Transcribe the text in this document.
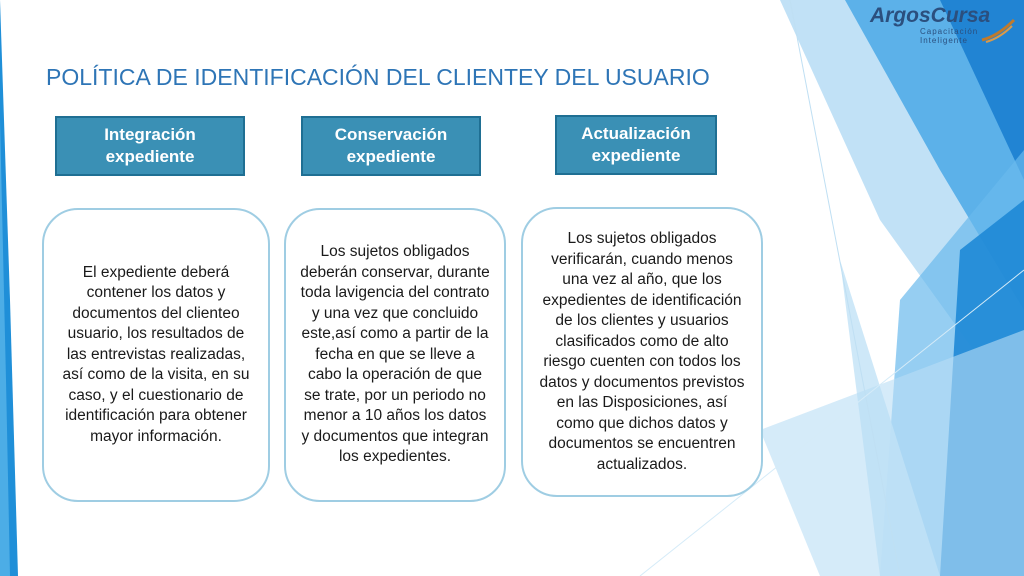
ArgosCursa
Capacitación
Inteligente
POLÍTICA DE IDENTIFICACIÓN DEL CLIENTEY DEL USUARIO
Integración
expediente
Conservación
expediente
Actualización
expediente

El expediente deberá contener los datos y documentos del clienteo usuario, los resultados de las entrevistas realizadas, así como de la visita, en su caso, y el cuestionario de identificación para obtener mayor información.

Los sujetos obligados deberán conservar, durante toda lavigencia del contrato y una vez que concluido este,así como a partir de la fecha en que se lleve a cabo la operación de que se trate, por un periodo no menor a 10 años los datos y documentos que integran los expedientes.

Los sujetos obligados verificarán, cuando menos una vez al año, que los expedientes de identificación de los clientes y usuarios clasificados como de alto riesgo cuenten con todos los datos y documentos previstos en las Disposiciones, así como que dichos datos y documentos se encuentren actualizados.
